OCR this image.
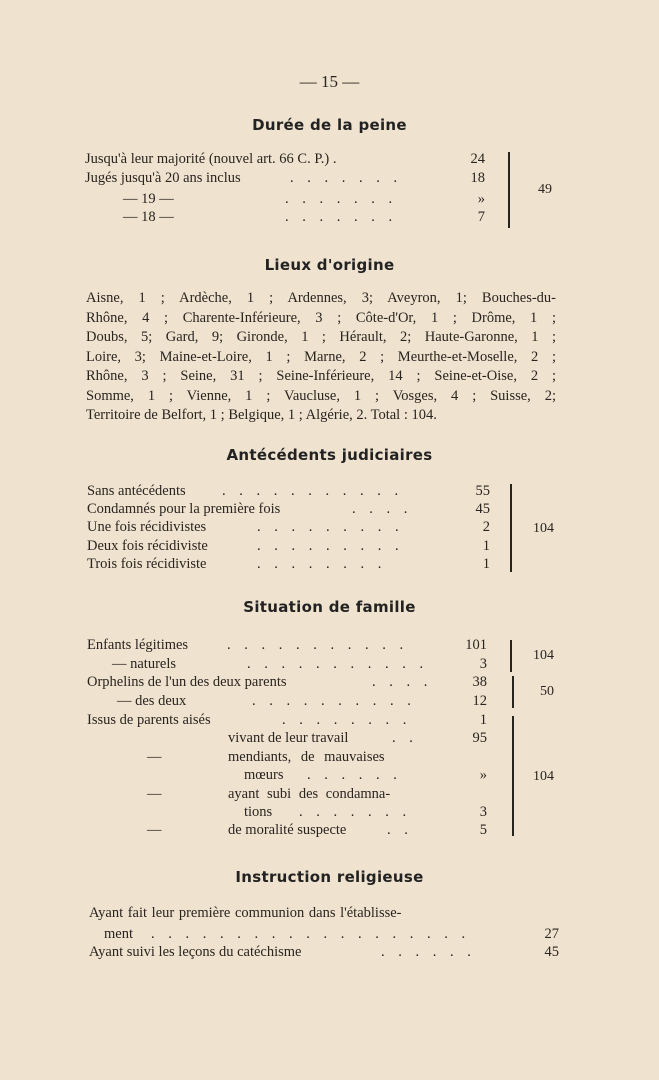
— 15 —
Durée de la peine
Jusqu'à leur majorité (nouvel art. 66 C. P.) .	24
Jugés jusqu'à 20 ans inclus	. . . . . . .	18
— 19 —	. . . . . . .	»
— 18 —	. . . . . . .	7
49
Lieux d'origine
Aisne, 1 ; Ardèche, 1 ; Ardennes, 3; Aveyron, 1; Bouches-du-
Rhône, 4 ; Charente-Inférieure, 3 ; Côte-d'Or, 1 ; Drôme, 1 ;
Doubs, 5; Gard, 9; Gironde, 1 ; Hérault, 2; Haute-Garonne, 1 ;
Loire, 3; Maine-et-Loire, 1 ; Marne, 2 ; Meurthe-et-Moselle, 2 ;
Rhône, 3 ; Seine, 31 ; Seine-Inférieure, 14 ; Seine-et-Oise, 2 ;
Somme, 1 ; Vienne, 1 ; Vaucluse, 1 ; Vosges, 4 ; Suisse, 2;
Territoire de Belfort, 1 ; Belgique, 1 ; Algérie, 2. Total : 104.
Antécédents judiciaires
Sans antécédents	. . . . . . . . . . .	55
Condamnés pour la première fois	. . . .	45
Une fois récidivistes	. . . . . . . . .	2
Deux fois récidiviste	. . . . . . . . .	1
Trois fois récidiviste	. . . . . . . .	1
104
Situation de famille
Enfants légitimes	. . . . . . . . . . .	101
— naturels	. . . . . . . . . . .	3
Orphelins de l'un des deux parents	. . . .	38
— des deux	. . . . . . . . . .	12
Issus de parents aisés	. . . . . . . .	1
vivant de leur travail	. .	95
—	mendiants, de mauvaises
mœurs . . . . . .	»
—	ayant subi des condamna-
tions . . . . . . .	3
—	de moralité suspecte	. .	5
104
50
104
Instruction religieuse
Ayant fait leur première communion dans l'établisse-
ment . . . . . . . . . . . . . . . . . . .	27
Ayant suivi les leçons du catéchisme	. . . . . .	45
